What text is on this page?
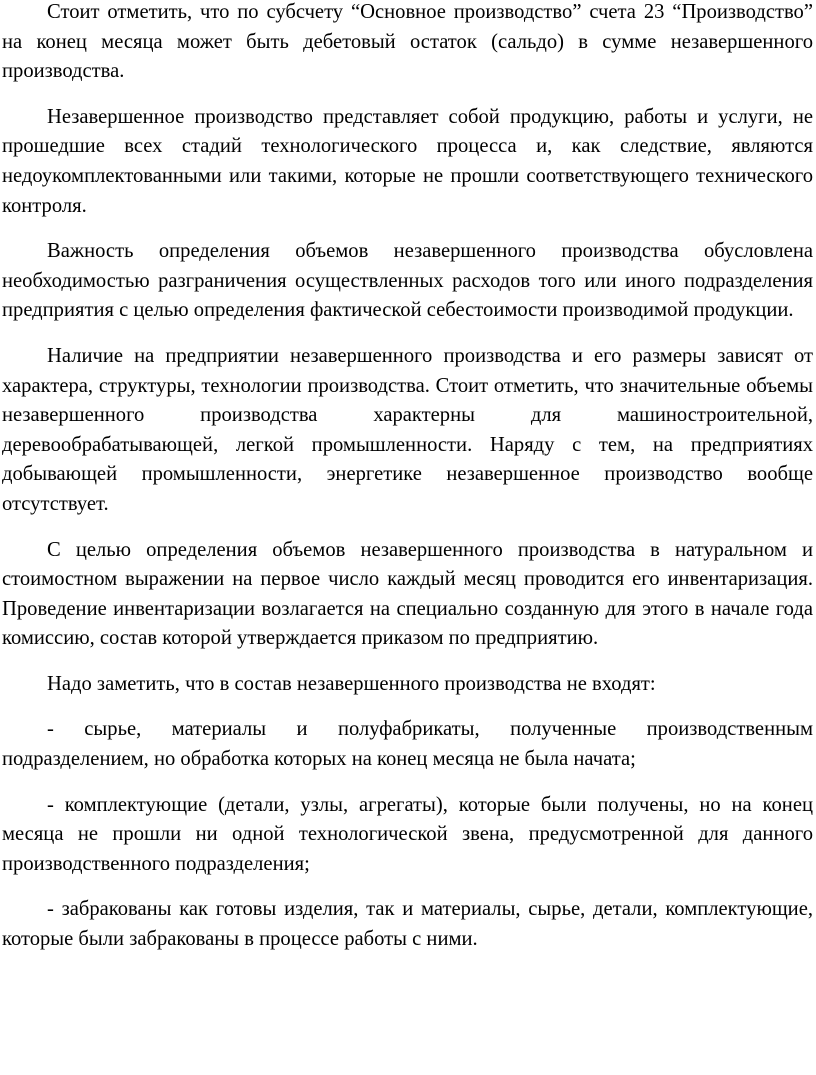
Стоит отметить, что по субсчету “Основное производство” счета 23 “Производство” на конец месяца может быть дебетовый остаток (сальдо) в сумме незавершенного производства.

Незавершенное производство представляет собой продукцию, работы и услуги, не прошедшие всех стадий технологического процесса и, как следствие, являются недоукомплектованными или такими, которые не прошли соответствующего технического контроля.

Важность определения объемов незавершенного производства обусловлена необходимостью разграничения осуществленных расходов того или иного подразделения предприятия с целью определения фактической себестоимости производимой продукции.

Наличие на предприятии незавершенного производства и его размеры зависят от характера, структуры, технологии производства. Стоит отметить, что значительные объемы незавершенного производства характерны для машиностроительной, деревообрабатывающей, легкой промышленности. Наряду с тем, на предприятиях добывающей промышленности, энергетике незавершенное производство вообще отсутствует.

С целью определения объемов незавершенного производства в натуральном и стоимостном выражении на первое число каждый месяц проводится его инвентаризация. Проведение инвентаризации возлагается на специально созданную для этого в начале года комиссию, состав которой утверждается приказом по предприятию.

Надо заметить, что в состав незавершенного производства не входят:

- сырье, материалы и полуфабрикаты, полученные производственным подразделением, но обработка которых на конец месяца не была начата;

- комплектующие (детали, узлы, агрегаты), которые были получены, но на конец месяца не прошли ни одной технологической звена, предусмотренной для данного производственного подразделения;

- забракованы как готовы изделия, так и материалы, сырье, детали, комплектующие, которые были забракованы в процессе работы с ними.
